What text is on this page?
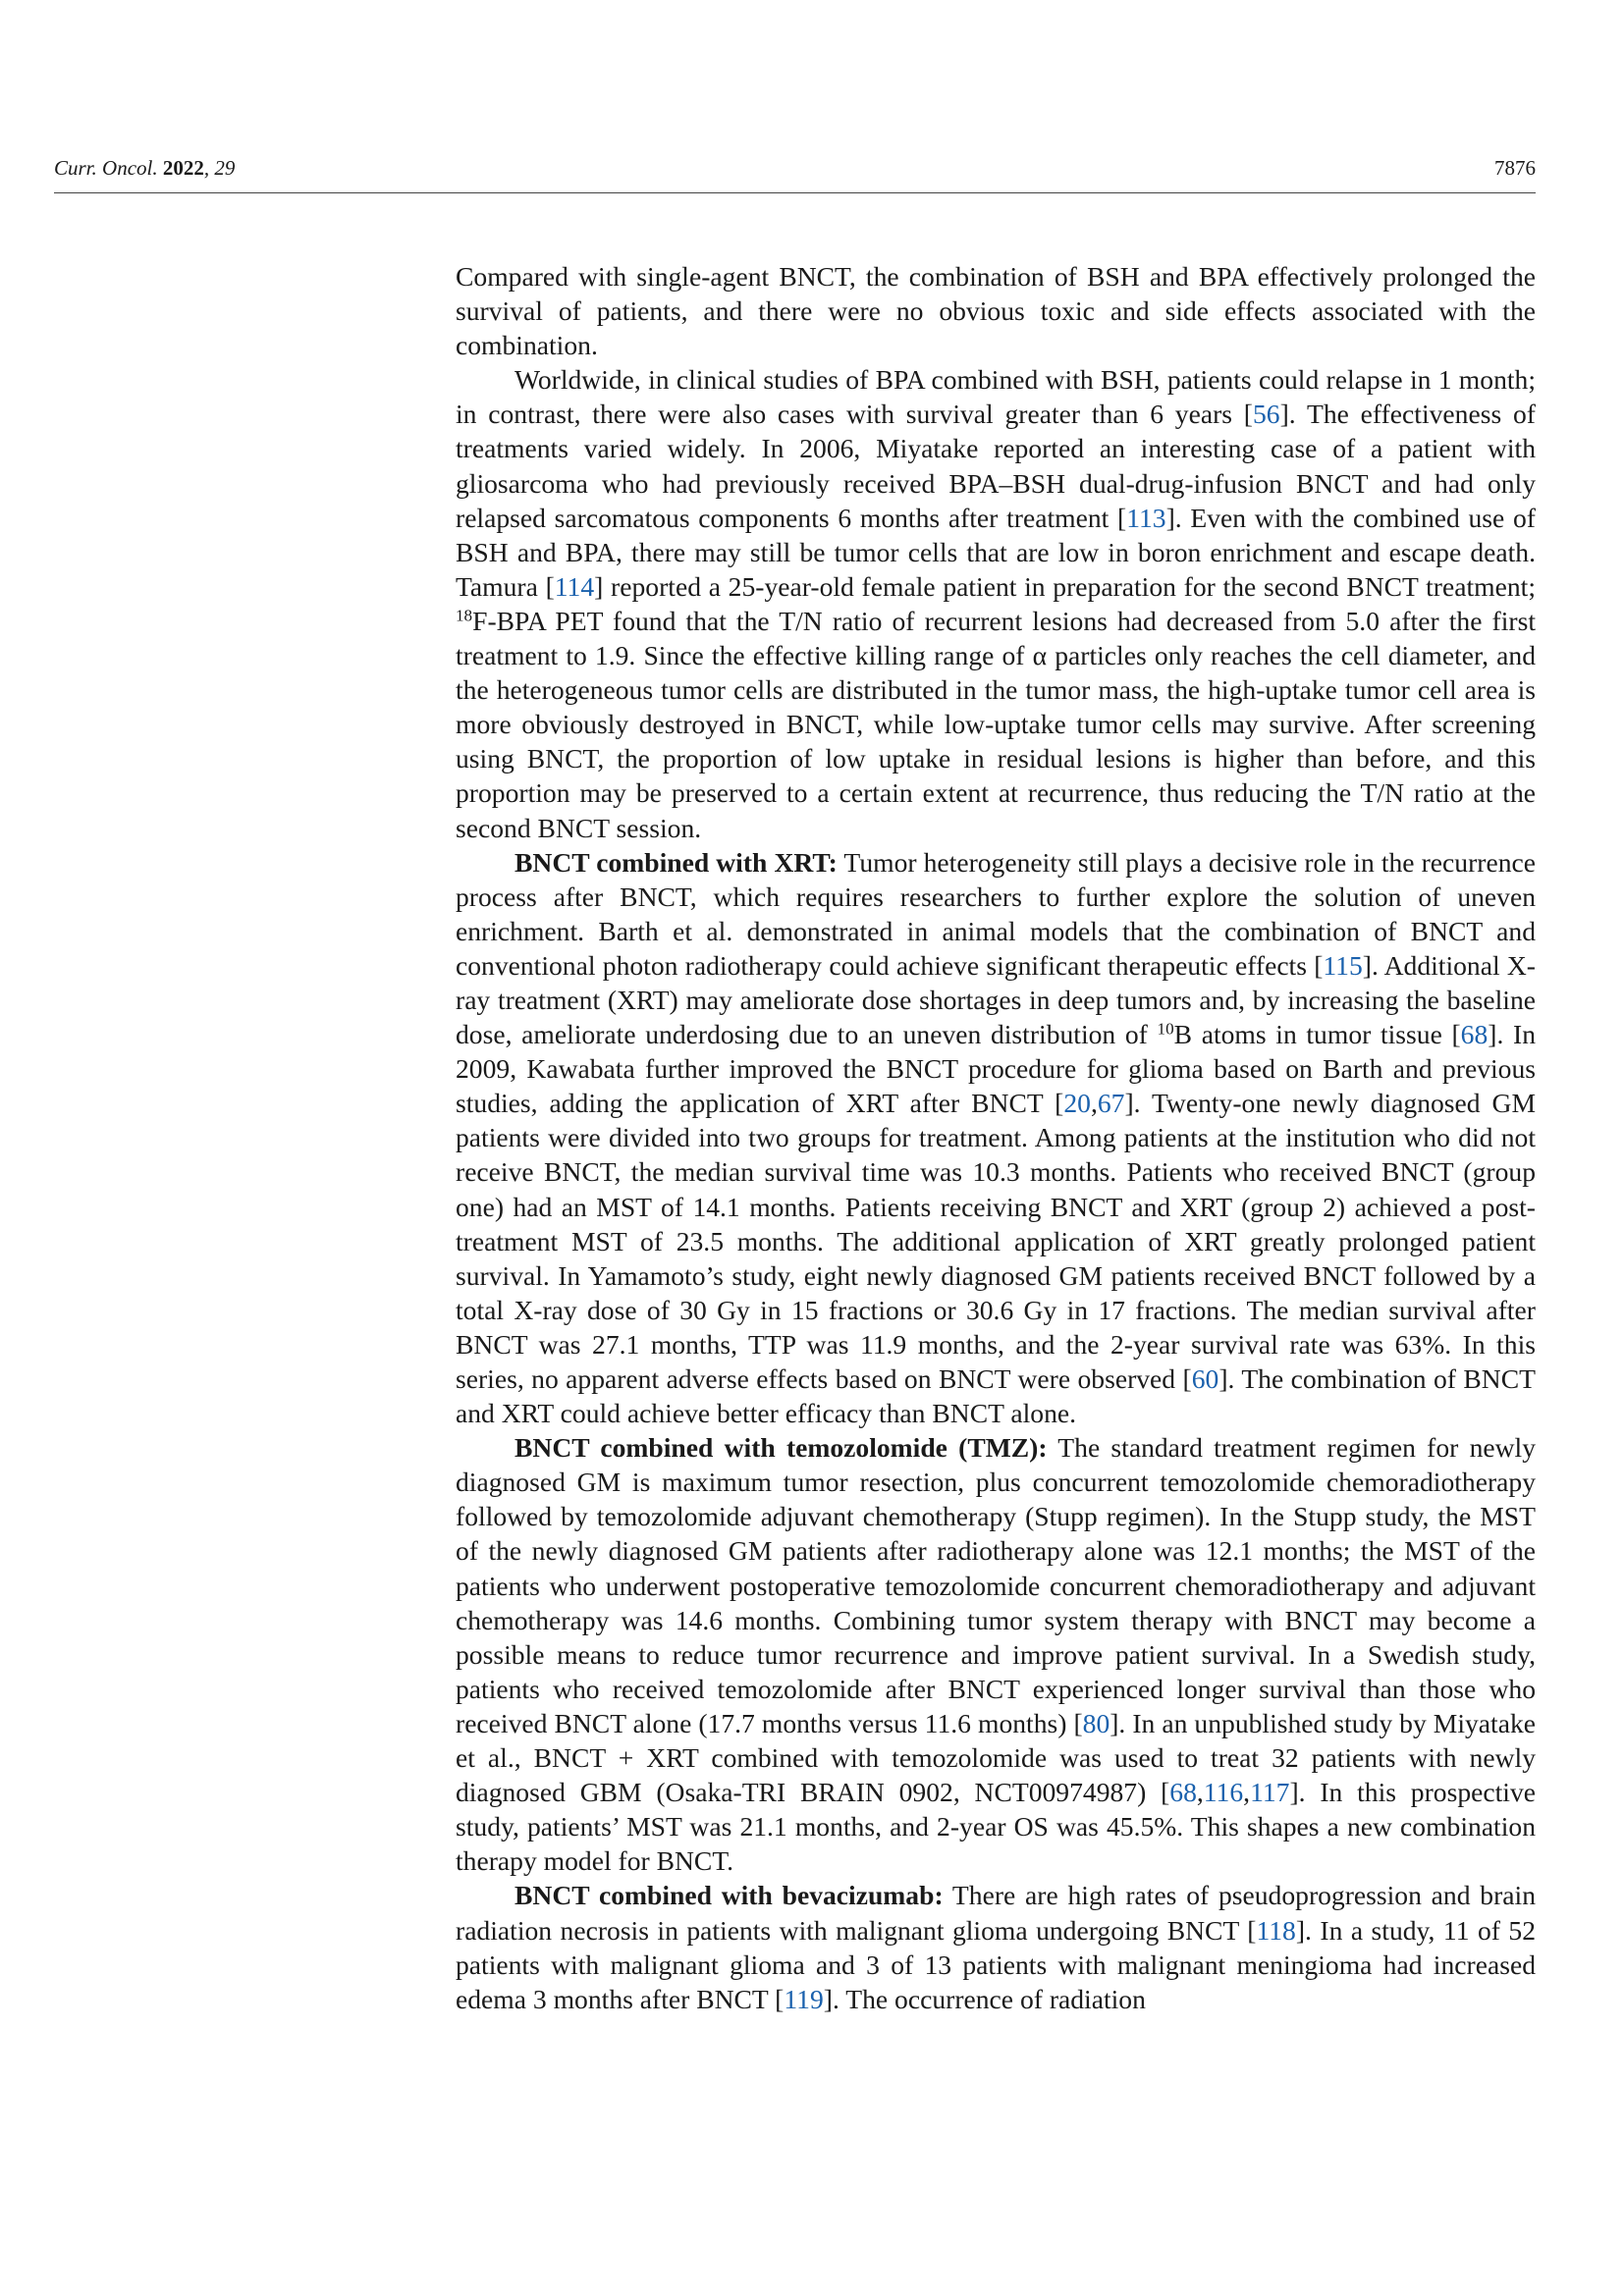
Curr. Oncol. 2022, 29	7876

Compared with single-agent BNCT, the combination of BSH and BPA effectively prolonged the survival of patients, and there were no obvious toxic and side effects associated with the combination.

Worldwide, in clinical studies of BPA combined with BSH, patients could relapse in 1 month; in contrast, there were also cases with survival greater than 6 years [56]. The effectiveness of treatments varied widely. In 2006, Miyatake reported an interesting case of a patient with gliosarcoma who had previously received BPA–BSH dual-drug-infusion BNCT and had only relapsed sarcomatous components 6 months after treatment [113]. Even with the combined use of BSH and BPA, there may still be tumor cells that are low in boron enrichment and escape death. Tamura [114] reported a 25-year-old female patient in preparation for the second BNCT treatment; $^{18}$F-BPA PET found that the T/N ratio of recurrent lesions had decreased from 5.0 after the first treatment to 1.9. Since the effective killing range of α particles only reaches the cell diameter, and the heterogeneous tumor cells are distributed in the tumor mass, the high-uptake tumor cell area is more obviously destroyed in BNCT, while low-uptake tumor cells may survive. After screening using BNCT, the proportion of low uptake in residual lesions is higher than before, and this proportion may be preserved to a certain extent at recurrence, thus reducing the T/N ratio at the second BNCT session.

BNCT combined with XRT: Tumor heterogeneity still plays a decisive role in the recurrence process after BNCT, which requires researchers to further explore the solution of uneven enrichment. Barth et al. demonstrated in animal models that the combination of BNCT and conventional photon radiotherapy could achieve significant therapeutic effects [115]. Additional X-ray treatment (XRT) may ameliorate dose shortages in deep tumors and, by increasing the baseline dose, ameliorate underdosing due to an uneven distribution of $^{10}$B atoms in tumor tissue [68]. In 2009, Kawabata further improved the BNCT procedure for glioma based on Barth and previous studies, adding the application of XRT after BNCT [20,67]. Twenty-one newly diagnosed GM patients were divided into two groups for treatment. Among patients at the institution who did not receive BNCT, the median survival time was 10.3 months. Patients who received BNCT (group one) had an MST of 14.1 months. Patients receiving BNCT and XRT (group 2) achieved a post-treatment MST of 23.5 months. The additional application of XRT greatly prolonged patient survival. In Yamamoto’s study, eight newly diagnosed GM patients received BNCT followed by a total X-ray dose of 30 Gy in 15 fractions or 30.6 Gy in 17 fractions. The median survival after BNCT was 27.1 months, TTP was 11.9 months, and the 2-year survival rate was 63%. In this series, no apparent adverse effects based on BNCT were observed [60]. The combination of BNCT and XRT could achieve better efficacy than BNCT alone.

BNCT combined with temozolomide (TMZ): The standard treatment regimen for newly diagnosed GM is maximum tumor resection, plus concurrent temozolomide chemoradiotherapy followed by temozolomide adjuvant chemotherapy (Stupp regimen). In the Stupp study, the MST of the newly diagnosed GM patients after radiotherapy alone was 12.1 months; the MST of the patients who underwent postoperative temozolomide concurrent chemoradiotherapy and adjuvant chemotherapy was 14.6 months. Combining tumor system therapy with BNCT may become a possible means to reduce tumor recurrence and improve patient survival. In a Swedish study, patients who received temozolomide after BNCT experienced longer survival than those who received BNCT alone (17.7 months versus 11.6 months) [80]. In an unpublished study by Miyatake et al., BNCT + XRT combined with temozolomide was used to treat 32 patients with newly diagnosed GBM (Osaka-TRI BRAIN 0902, NCT00974987) [68,116,117]. In this prospective study, patients’ MST was 21.1 months, and 2-year OS was 45.5%. This shapes a new combination therapy model for BNCT.

BNCT combined with bevacizumab: There are high rates of pseudoprogression and brain radiation necrosis in patients with malignant glioma undergoing BNCT [118]. In a study, 11 of 52 patients with malignant glioma and 3 of 13 patients with malignant meningioma had increased edema 3 months after BNCT [119]. The occurrence of radiation
